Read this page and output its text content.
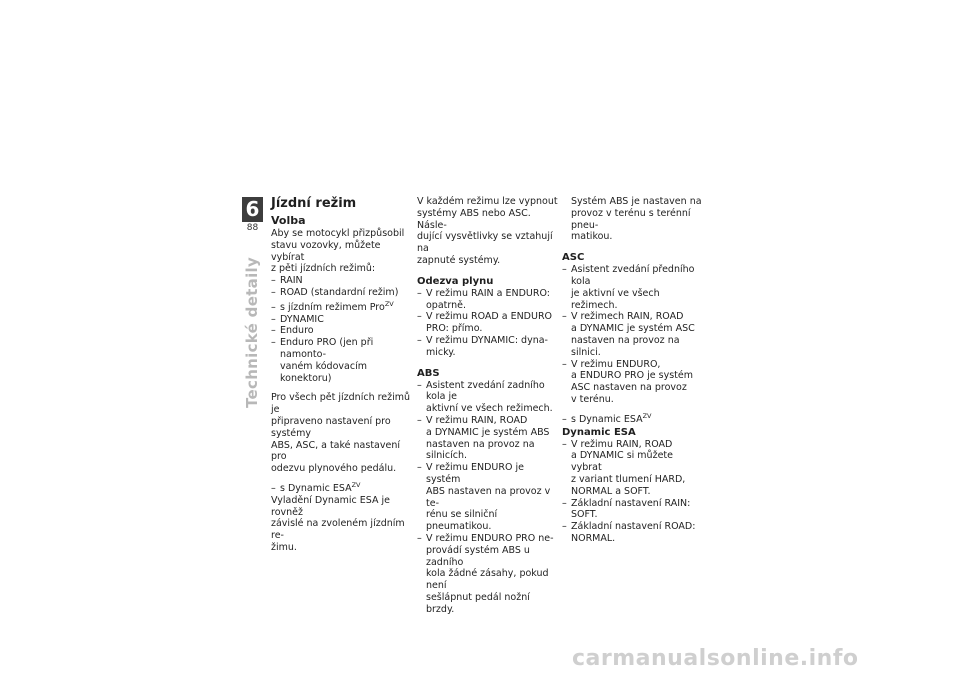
6
88
Technické detaily
Jízdní režim
Volba

Aby se motocykl přizpůsobil

stavu vozovky, můžete vybírat

z pěti jízdních režimů:

– RAIN
– ROAD (standardní režim)
– s jízdním režimem Pro$^{ZV}$
– DYNAMIC
– Enduro
– Enduro PRO (jen při namonto-
vaném kódovacím konektoru)

Pro všech pět jízdních režimů je

připraveno nastavení pro systémy

ABS, ASC, a také nastavení pro

odezvu plynového pedálu.

– s Dynamic $ESA^{ZV}$

Vyladění Dynamic ESA je rovněž

závislé na zvoleném jízdním re-

žimu.

V každém režimu lze vypnout

systémy ABS nebo ASC. Násle-

dující vysvětlivky se vztahují na

zapnuté systémy.

Odezva plynu
– V režimu RAIN a ENDURO:
opatrně.
– V režimu ROAD a ENDURO
PRO: přímo.
– V režimu DYNAMIC: dyna-
micky.
ABS
– Asistent zvedání zadního kola je
aktivní ve všech režimech.
– V režimu RAIN, ROAD
a DYNAMIC je systém ABS
nastaven na provoz na silnicích.
– V režimu ENDURO je systém
ABS nastaven na provoz v te-
rénu se silniční pneumatikou.
– V režimu ENDURO PRO ne-
provádí systém ABS u zadního
kola žádné zásahy, pokud není
sešlápnut pedál nožní brzdy.

Systém ABS je nastaven na

provoz v terénu s terénní pneu-

matikou.

ASC
– Asistent zvedání předního kola
je aktivní ve všech režimech.
– V režimech RAIN, ROAD
a DYNAMIC je systém ASC
nastaven na provoz na silnici.
– V režimu ENDURO,
a ENDURO PRO je systém
ASC nastaven na provoz
v terénu.
– s Dynamic $ESA^{ZV}$
Dynamic ESA
– V režimu RAIN, ROAD
a DYNAMIC si můžete vybrat
z variant tlumení HARD,
NORMAL a SOFT.
– Základní nastavení RAIN:
SOFT.
– Základní nastavení ROAD:
NORMAL.
carmanualsonline.info
